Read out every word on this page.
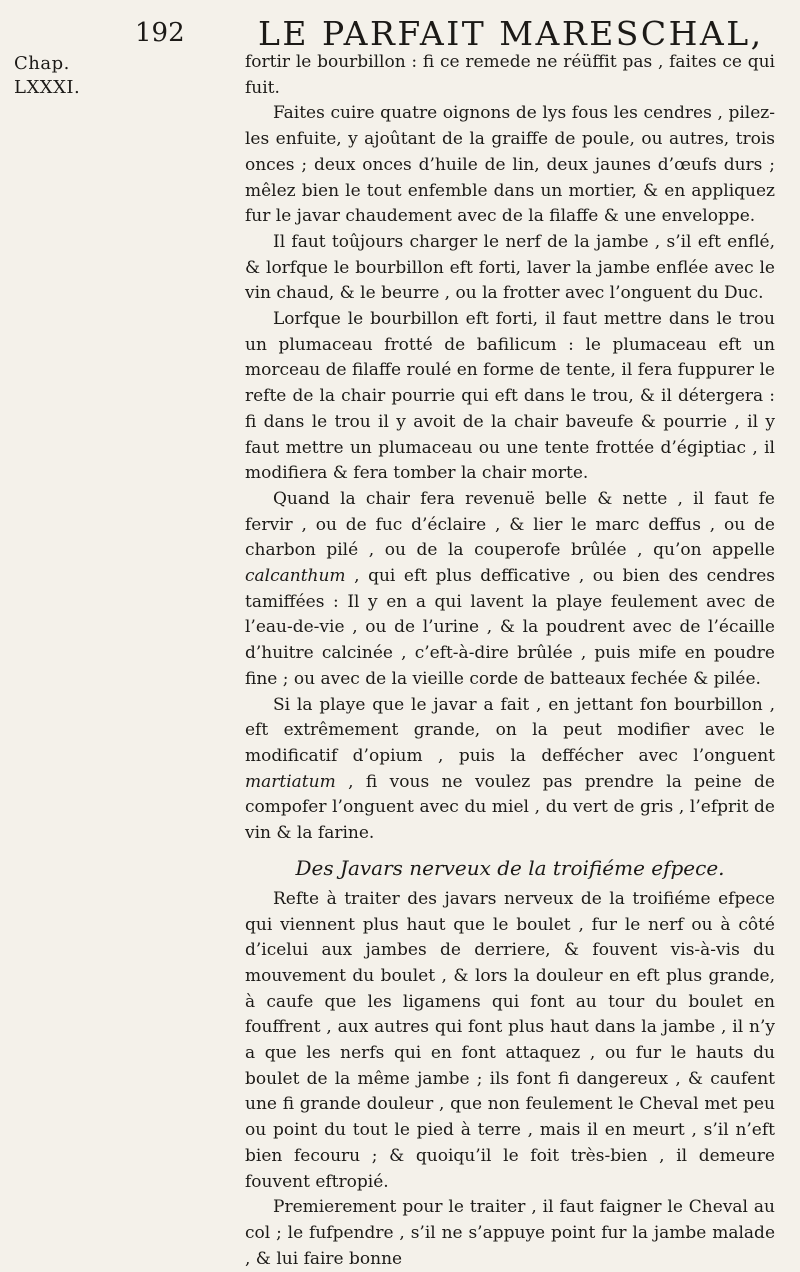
192 LE PARFAIT MARESCHAL,
Chap.
LXXXI.

fortir le bourbillon : fi ce remede ne réüffit pas , faites ce qui fuit.

Faites cuire quatre oignons de lys fous les cendres , pilez-les enfuite, y ajoûtant de la graiffe de poule, ou autres, trois onces ; deux onces d’huile de lin, deux jaunes d’œufs durs ; mêlez bien le tout enfemble dans un mortier, & en appliquez fur le javar chaudement avec de la filaffe & une enveloppe.

Il faut toûjours charger le nerf de la jambe , s’il eft enflé, & lorfque le bourbillon eft forti, laver la jambe enflée avec le vin chaud, & le beurre , ou la frotter avec l’onguent du Duc.

Lorfque le bourbillon eft forti, il faut mettre dans le trou un plumaceau frotté de bafilicum : le plumaceau eft un morceau de filaffe roulé en forme de tente, il fera fuppurer le refte de la chair pourrie qui eft dans le trou, & il détergera : fi dans le trou il y avoit de la chair baveufe & pourrie , il y faut mettre un plumaceau ou une tente frottée d’égiptiac , il modifiera & fera tomber la chair morte.

Quand la chair fera revenuë belle & nette , il faut fe fervir , ou de fuc d’éclaire , & lier le marc deffus , ou de charbon pilé , ou de la couperofe brûlée , qu’on appelle calcanthum , qui eft plus defficative , ou bien des cendres tamiffées : Il y en a qui lavent la playe feulement avec de l’eau-de-vie , ou de l’urine , & la poudrent avec de l’écaille d’huitre calcinée , c’eft-à-dire brûlée , puis mife en poudre fine ; ou avec de la vieille corde de batteaux fechée & pilée.

Si la playe que le javar a fait , en jettant fon bourbillon , eft extrêmement grande, on la peut modifier avec le modificatif d’opium , puis la deffécher avec l’onguent martiatum , fi vous ne voulez pas prendre la peine de compofer l’onguent avec du miel , du vert de gris , l’efprit de vin & la farine.

Des Javars nerveux de la troifiéme efpece.

Refte à traiter des javars nerveux de la troifiéme efpece qui viennent plus haut que le boulet , fur le nerf ou à côté d’icelui aux jambes de derriere, & fouvent vis-à-vis du mouvement du boulet , & lors la douleur en eft plus grande, à caufe que les ligamens qui font au tour du boulet en fouffrent , aux autres qui font plus haut dans la jambe , il n’y a que les nerfs qui en font attaquez , ou fur le hauts du boulet de la même jambe ; ils font fi dangereux , & caufent une fi grande douleur , que non feulement le Cheval met peu ou point du tout le pied à terre , mais il en meurt , s’il n’eft bien fecouru ; & quoiqu’il le foit très-bien , il demeure fouvent eftropié.

Premierement pour le traiter , il faut faigner le Cheval au col ; le fufpendre , s’il ne s’appuye point fur la jambe malade , & lui faire bonne
